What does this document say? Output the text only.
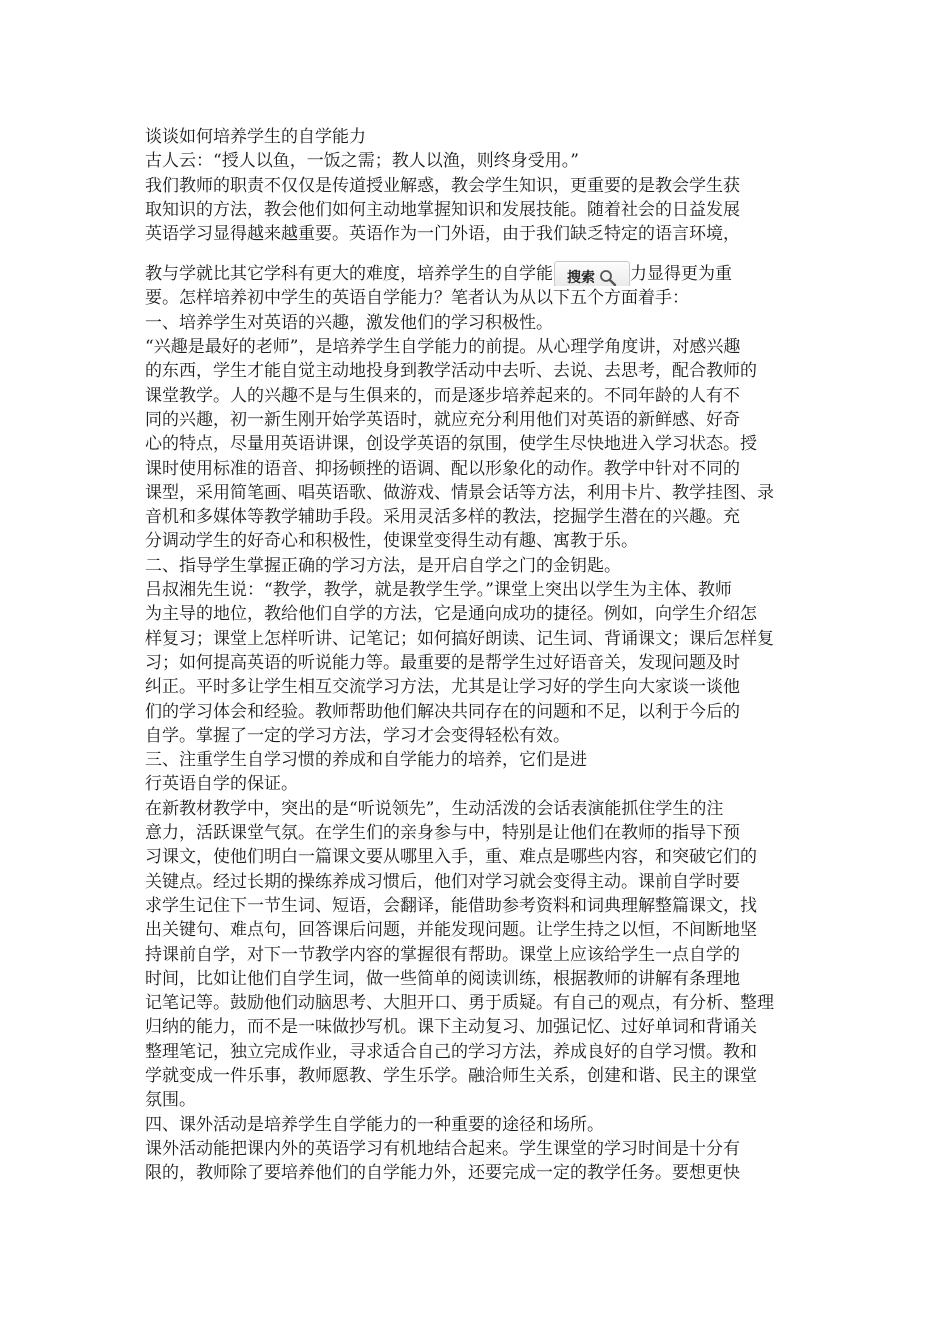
谈谈如何培养学生的自学能力
古人云：“授人以鱼，一饭之需；教人以渔，则终身受用。”
我们教师的职责不仅仅是传道授业解惑，教会学生知识，更重要的是教会学生获
取知识的方法，教会他们如何主动地掌握知识和发展技能。随着社会的日益发展
英语学习显得越来越重要。英语作为一门外语，由于我们缺乏特定的语言环境，
教与学就比其它学科有更大的难度，培养学生的自学能 搜索 力显得更为重
要。怎样培养初中学生的英语自学能力？笔者认为从以下五个方面着手：
一、培养学生对英语的兴趣，激发他们的学习积极性。
“兴趣是最好的老师”，是培养学生自学能力的前提。从心理学角度讲，对感兴趣
的东西，学生才能自觉主动地投身到教学活动中去听、去说、去思考，配合教师的
课堂教学。人的兴趣不是与生俱来的，而是逐步培养起来的。不同年龄的人有不
同的兴趣，初一新生刚开始学英语时，就应充分利用他们对英语的新鲜感、好奇
心的特点，尽量用英语讲课，创设学英语的氛围，使学生尽快地进入学习状态。授
课时使用标准的语音、抑扬顿挫的语调、配以形象化的动作。教学中针对不同的
课型，采用简笔画、唱英语歌、做游戏、情景会话等方法，利用卡片、教学挂图、录
音机和多媒体等教学辅助手段。采用灵活多样的教法，挖掘学生潜在的兴趣。充
分调动学生的好奇心和积极性，使课堂变得生动有趣、寓教于乐。
二、指导学生掌握正确的学习方法，是开启自学之门的金钥匙。
吕叔湘先生说：“教学，教学，就是教学生学。”课堂上突出以学生为主体、教师
为主导的地位，教给他们自学的方法，它是通向成功的捷径。例如，向学生介绍怎
样复习；课堂上怎样听讲、记笔记；如何搞好朗读、记生词、背诵课文；课后怎样复
习；如何提高英语的听说能力等。最重要的是帮学生过好语音关，发现问题及时
纠正。平时多让学生相互交流学习方法，尤其是让学习好的学生向大家谈一谈他
们的学习体会和经验。教师帮助他们解决共同存在的问题和不足，以利于今后的
自学。掌握了一定的学习方法，学习才会变得轻松有效。
三、注重学生自学习惯的养成和自学能力的培养，它们是进
行英语自学的保证。
在新教材教学中，突出的是“听说领先”，生动活泼的会话表演能抓住学生的注
意力，活跃课堂气氛。在学生们的亲身参与中，特别是让他们在教师的指导下预
习课文，使他们明白一篇课文要从哪里入手，重、难点是哪些内容，和突破它们的
关键点。经过长期的操练养成习惯后，他们对学习就会变得主动。课前自学时要
求学生记住下一节生词、短语，会翻译，能借助参考资料和词典理解整篇课文，找
出关键句、难点句，回答课后问题，并能发现问题。让学生持之以恒，不间断地坚
持课前自学，对下一节教学内容的掌握很有帮助。课堂上应该给学生一点自学的
时间，比如让他们自学生词，做一些简单的阅读训练，根据教师的讲解有条理地
记笔记等。鼓励他们动脑思考、大胆开口、勇于质疑。有自己的观点，有分析、整理
归纳的能力，而不是一味做抄写机。课下主动复习、加强记忆、过好单词和背诵关
整理笔记，独立完成作业，寻求适合自己的学习方法，养成良好的自学习惯。教和
学就变成一件乐事，教师愿教、学生乐学。融洽师生关系，创建和谐、民主的课堂
氛围。
四、课外活动是培养学生自学能力的一种重要的途径和场所。
课外活动能把课内外的英语学习有机地结合起来。学生课堂的学习时间是十分有
限的，教师除了要培养他们的自学能力外，还要完成一定的教学任务。要想更快
